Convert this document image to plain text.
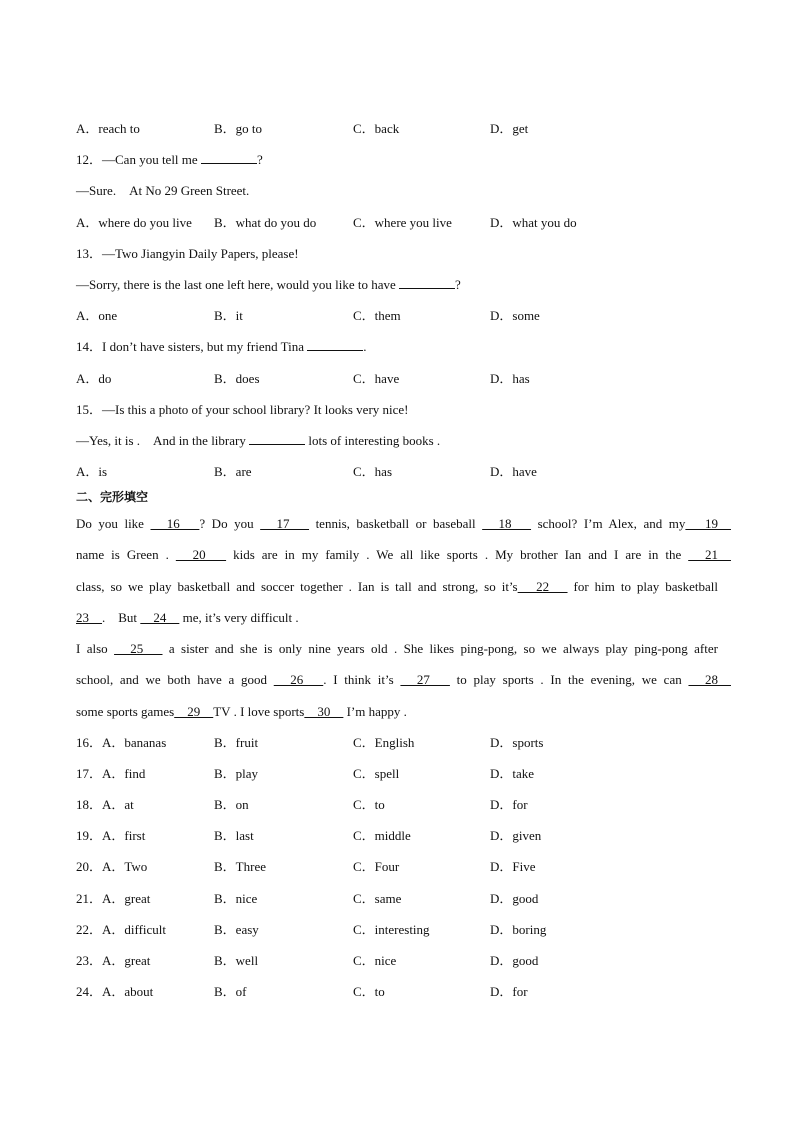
A．reach to	B．go to	C．back	D．get
12．—Can you tell me	?
—Sure.　At No 29 Green Street.
A．where do you live B．what do you do	C．where you live	D．what you do
13．—Two Jiangyin Daily Papers, please!
—Sorry, there is the last one left here, would you like to have	?
A．one	B．it	C．them	D．some
14．I don’t have sisters, but my friend Tina	.
A．do	B．does	C．have	D．has
15．—Is this a photo of your school library? It looks very nice!
—Yes, it is .　And in the library	lots of interesting books .
A．is	B．are	C．has	D．have
二、完形填空
Do you like 　16　? Do you 　17　 tennis, basketball or baseball 　18　 school? I’m Alex, and my　19　
name is Green . 　20　 kids are in my family . We all like sports . My brother Ian and I are in the 　21　
class, so we play basketball and soccer together . Ian is tall and strong, so it’s　22　 for him to play basketball
23　.　But 　24　 me, it’s very difficult .
I also 　25　 a sister and she is only nine years old . She likes ping-pong, so we always play ping-pong after
school, and we both have a good 　26　. I think it’s 　27　 to play sports . In the evening, we can 　28　
some sports games　29　TV . I love sports　30　 I’m happy .
16．A．bananas	B．fruit	C．English	D．sports
17．A．find	B．play	C．spell	D．take
18．A．at	B．on	C．to	D．for
19．A．first	B．last	C．middle	D．given
20．A．Two	B．Three	C．Four	D．Five
21．A．great	B．nice	C．same	D．good
22．A．difficult	B．easy	C．interesting	D．boring
23．A．great	B．well	C．nice	D．good
24．A．about	B．of	C．to	D．for
